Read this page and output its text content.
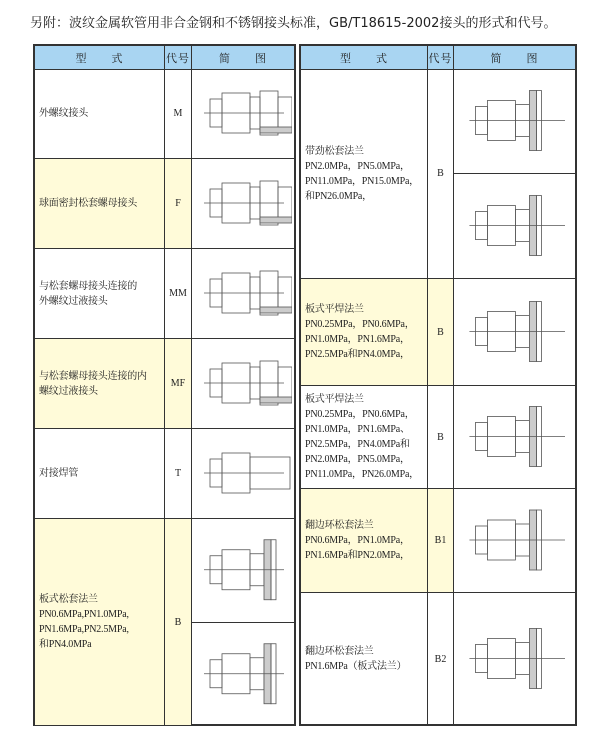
另附：波纹金属软管用非合金钢和不锈钢接头标准，GB/T18615-2002接头的形式和代号。
型　　式	代号	简　　图
外螺纹接头	M
球面密封松套螺母接头	F
与松套螺母接头连接的
外螺纹过液接头
MM
与松套螺母接头连接的内
螺纹过液接头
MF
对接焊管	T
板式松套法兰
PN0.6MPa,PN1.0MPa,
PN1.6MPa,PN2.5MPa,
和PN4.0MPa
B
型　　式	代号	简　　图
带劲松套法兰
PN2.0MPa，PN5.0MPa，
PN11.0MPa，PN15.0MPa，
和PN26.0MPa，
B
板式平焊法兰
PN0.25MPa，PN0.6MPa，
PN1.0MPa，PN1.6MPa，
PN2.5MPa和PN4.0MPa，
B
板式平焊法兰
PN0.25MPa，PN0.6MPa，
PN1.0MPa，PN1.6MPa、
PN2.5MPa，PN4.0MPa和
PN2.0MPa，PN5.0MPa，
PN11.0MPa，PN26.0MPa，
B
翻边环松套法兰
PN0.6MPa，PN1.0MPa，
PN1.6MPa和PN2.0MPa，
B1
翻边环松套法兰
PN1.6MPa（板式法兰）
B2
